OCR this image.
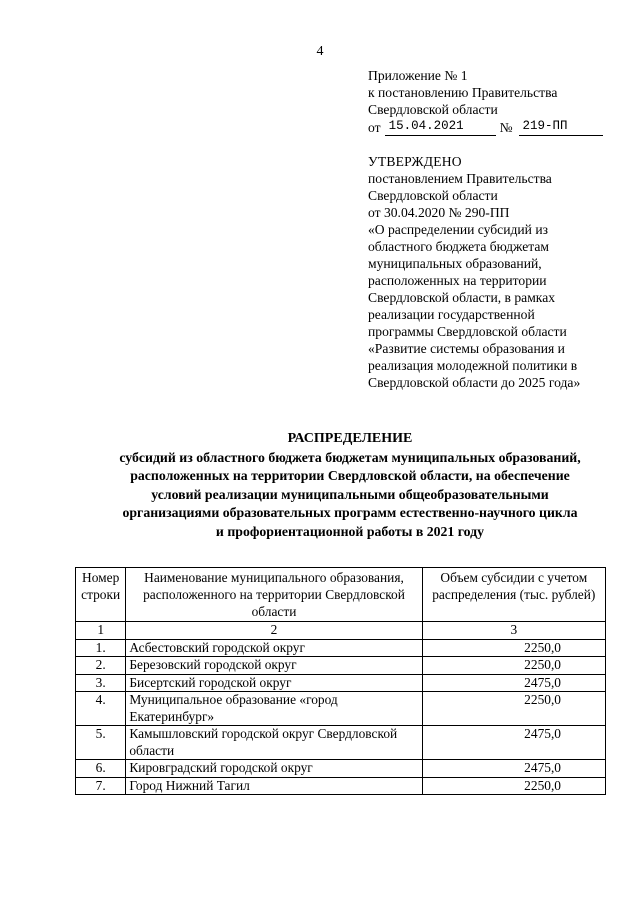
4
Приложение № 1
к постановлению Правительства
Свердловской области
от 15.04.2021	№ 219-ПП
УТВЕРЖДЕНО
постановлением Правительства
Свердловской области
от 30.04.2020 № 290-ПП
«О распределении субсидий из
областного бюджета бюджетам
муниципальных образований,
расположенных на территории
Свердловской области, в рамках
реализации государственной
программы Свердловской области
«Развитие системы образования и
реализация молодежной политики в
Свердловской области до 2025 года»
РАСПРЕДЕЛЕНИЕ
субсидий из областного бюджета бюджетам муниципальных образований,
расположенных на территории Свердловской области, на обеспечение
условий реализации муниципальными общеобразовательными
организациями образовательных программ естественно-научного цикла
и профориентационной работы в 2021 году
Номер строки	Наименование муниципального образования, расположенного на территории Свердловской области	Объем субсидии с учетом распределения (тыс. рублей)
1	2	3
1.	Асбестовский городской округ	2250,0
2.	Березовский городской округ	2250,0
3.	Бисертский городской округ	2475,0
4.	Муниципальное образование «город Екатеринбург»	2250,0
5.	Камышловский городской округ Свердловской области	2475,0
6.	Кировградский городской округ	2475,0
7.	Город Нижний Тагил	2250,0
